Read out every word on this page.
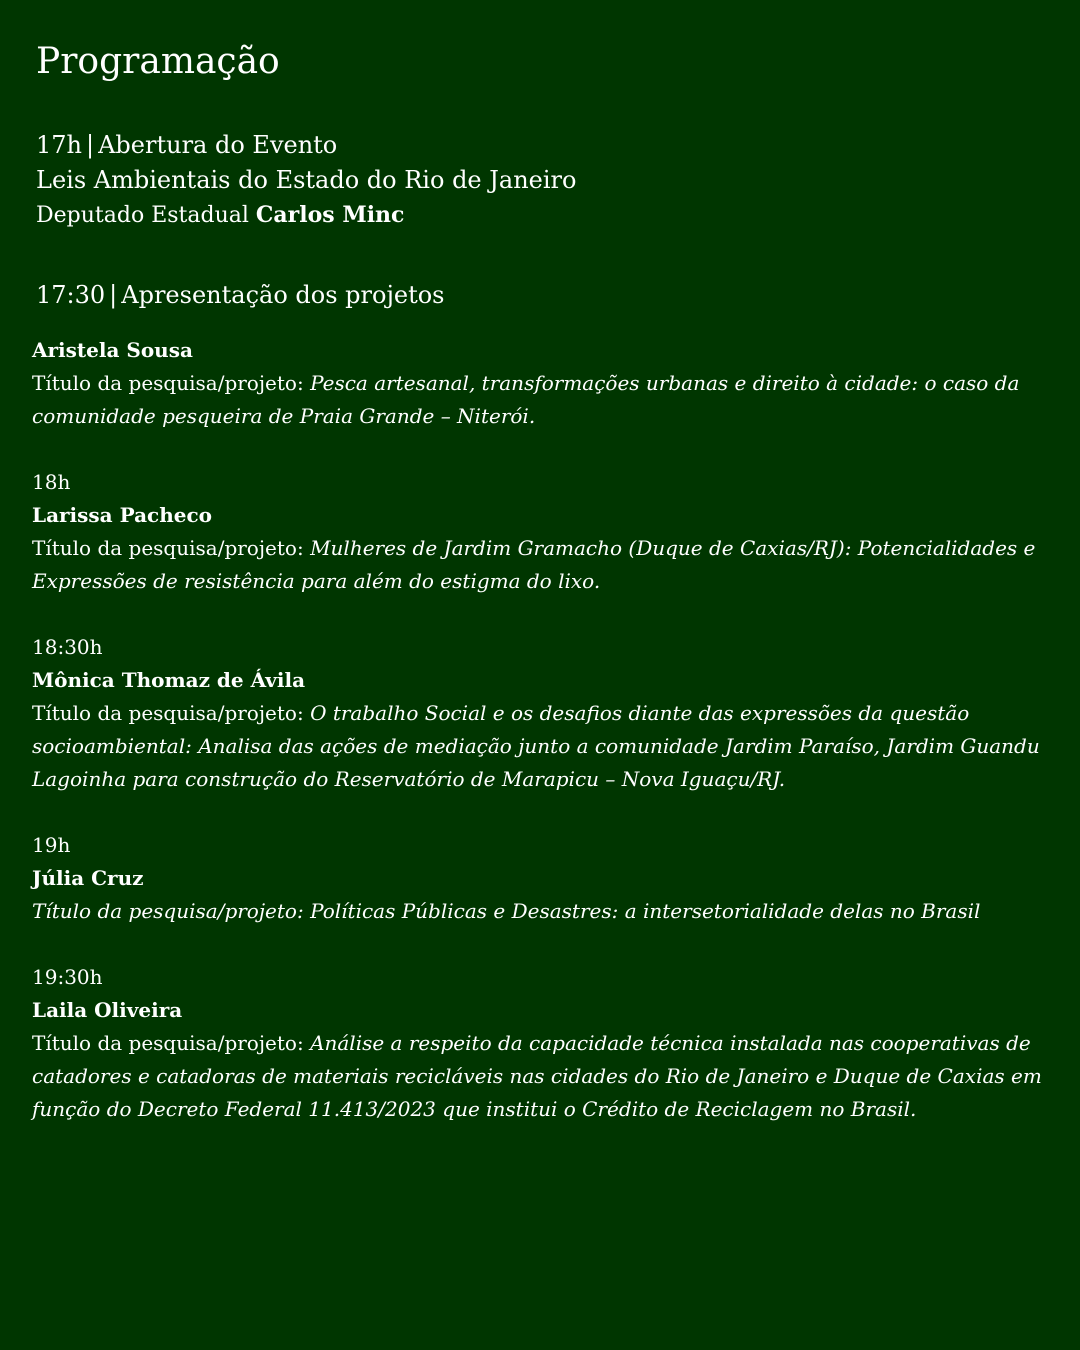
Programação
17h | Abertura do Evento
Leis Ambientais do Estado do Rio de Janeiro
Deputado Estadual Carlos Minc
17:30 | Apresentação dos projetos
Aristela Sousa
Título da pesquisa/projeto: Pesca artesanal, transformações urbanas e direito à cidade: o caso da comunidade pesqueira de Praia Grande – Niterói.
18h
Larissa Pacheco
Título da pesquisa/projeto: Mulheres de Jardim Gramacho (Duque de Caxias/RJ): Potencialidades e Expressões de resistência para além do estigma do lixo.
18:30h
Mônica Thomaz de Ávila
Título da pesquisa/projeto: O trabalho Social e os desafios diante das expressões da questão socioambiental: Analisa das ações de mediação junto a comunidade Jardim Paraíso, Jardim Guandu Lagoinha para construção do Reservatório de Marapicu – Nova Iguaçu/RJ.
19h
Júlia Cruz
Título da pesquisa/projeto: Políticas Públicas e Desastres: a intersetorialidade delas no Brasil
19:30h
Laila Oliveira
Título da pesquisa/projeto: Análise a respeito da capacidade técnica instalada nas cooperativas de catadores e catadoras de materiais recicláveis nas cidades do Rio de Janeiro e Duque de Caxias em função do Decreto Federal 11.413/2023 que institui o Crédito de Reciclagem no Brasil.
